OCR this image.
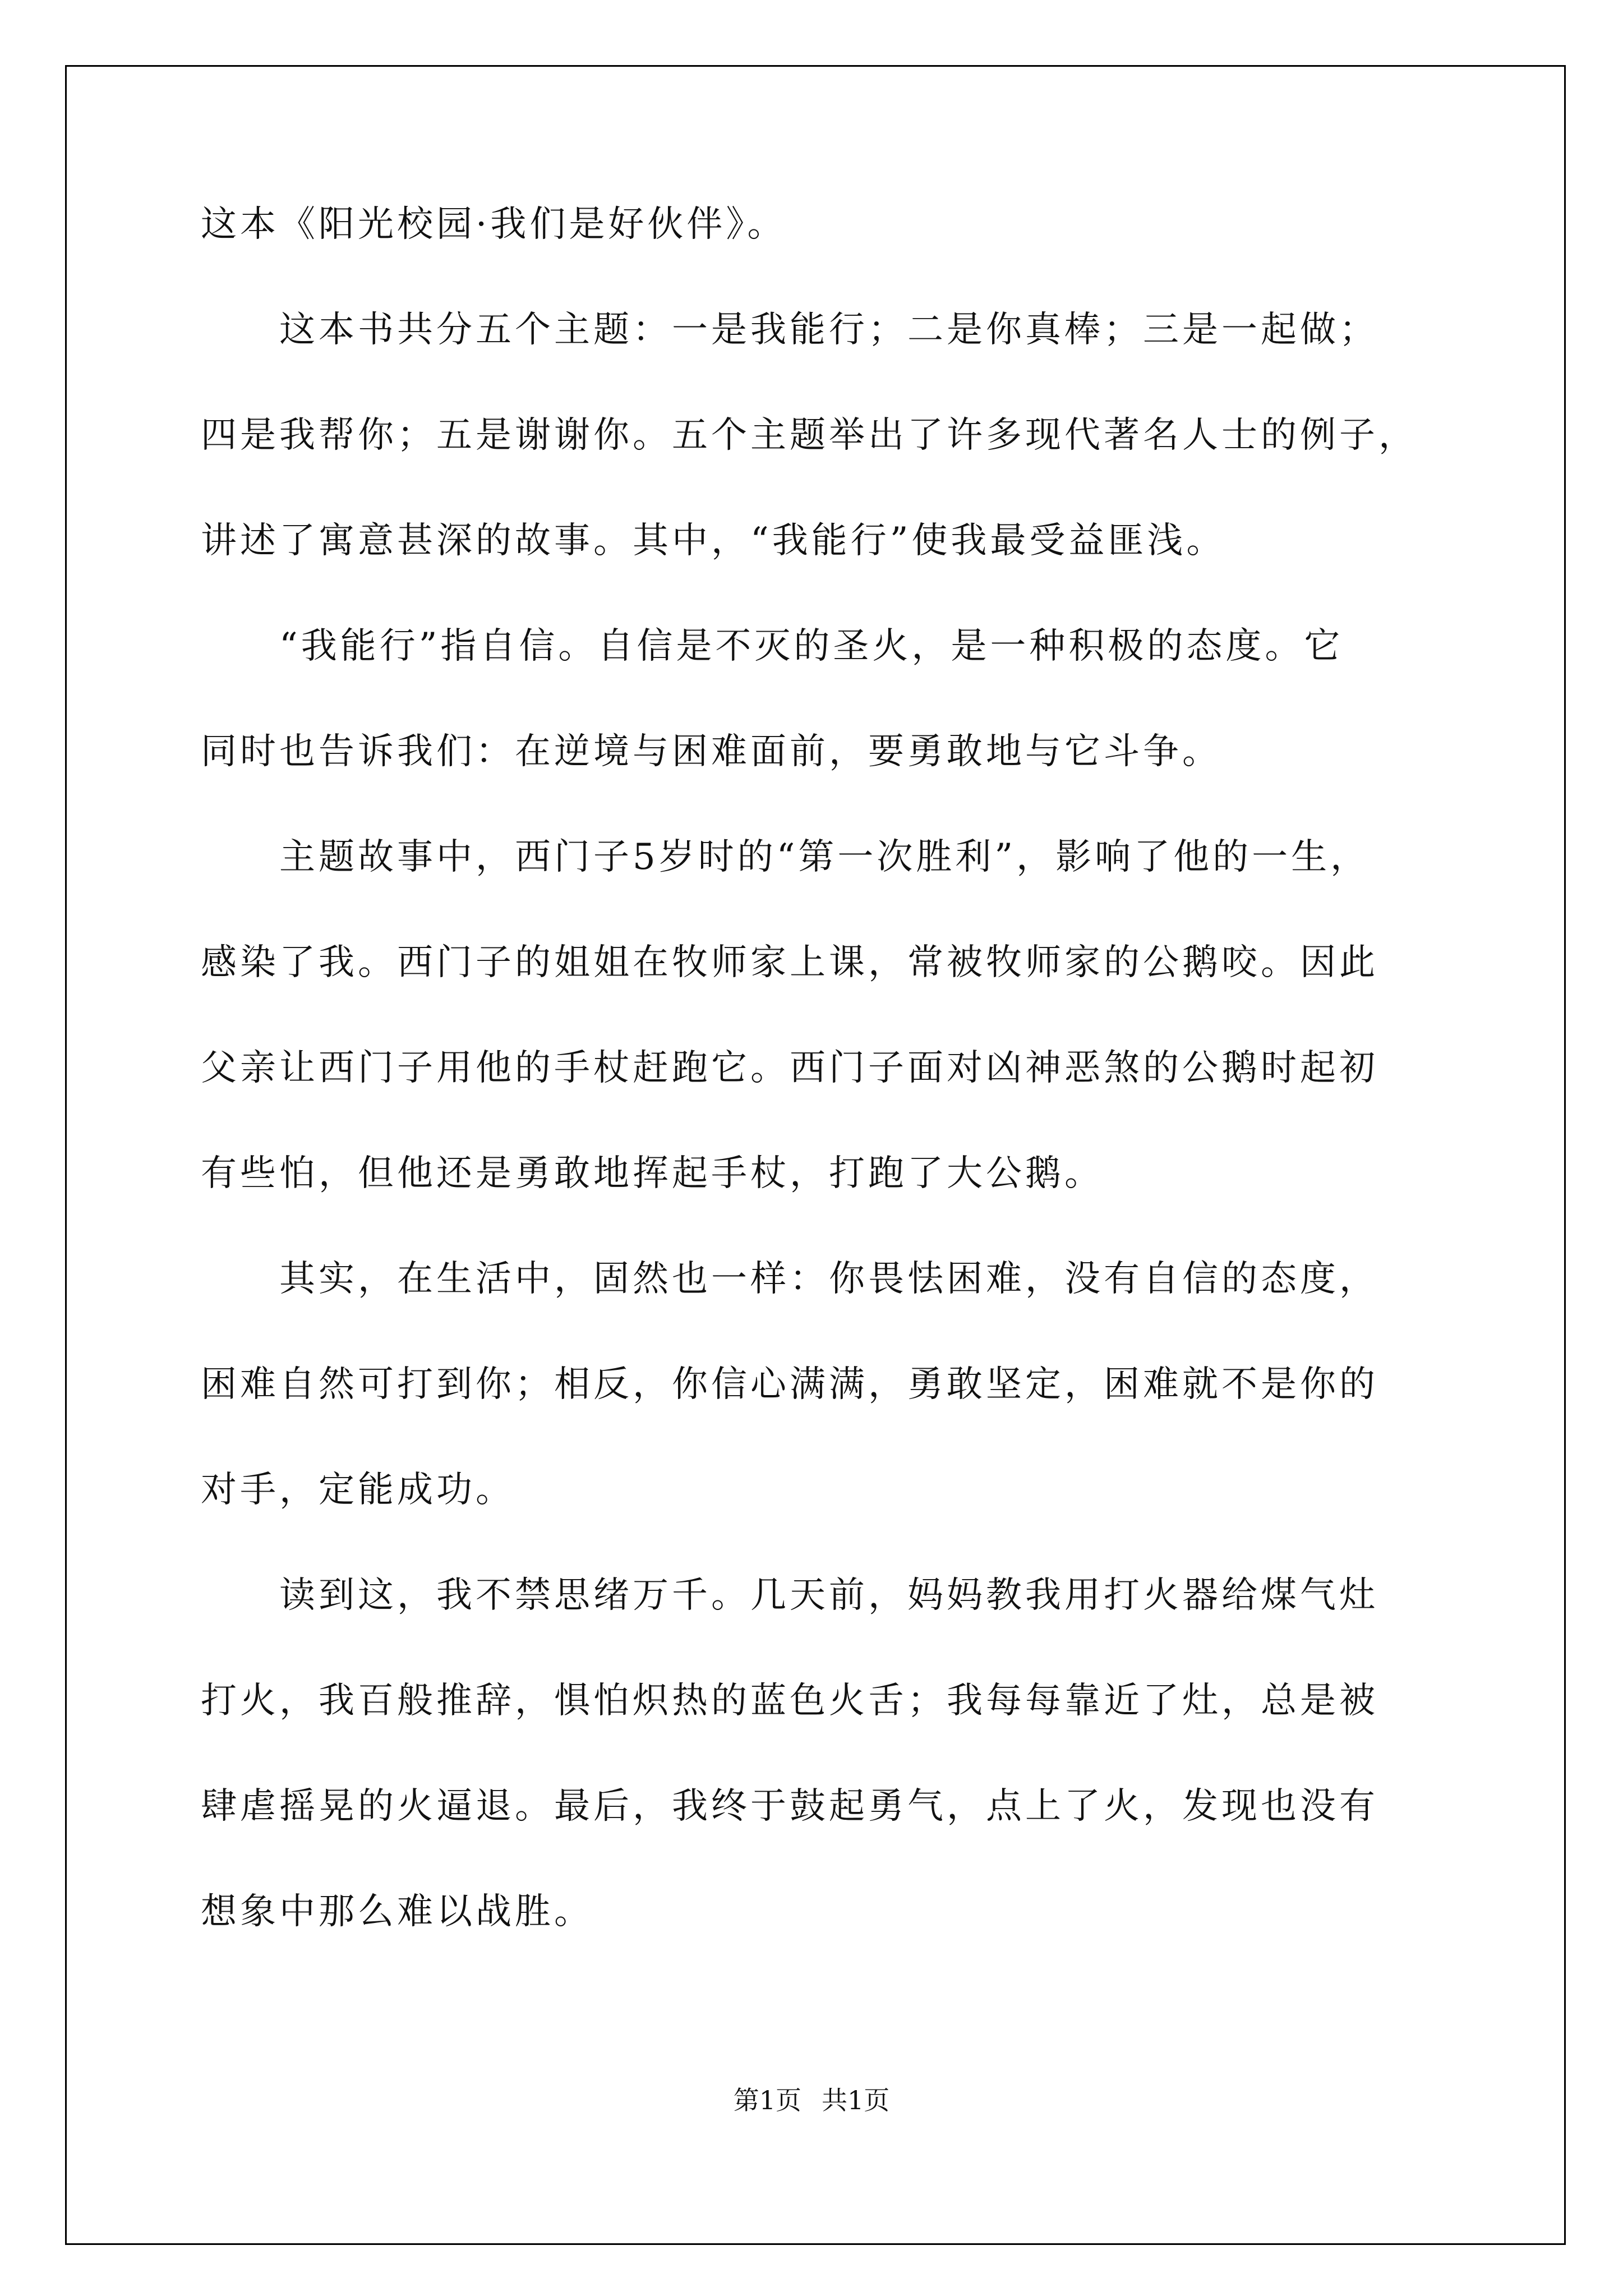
这本《阳光校园·我们是好伙伴》。
　　这本书共分五个主题：一是我能行；二是你真棒；三是一起做；
四是我帮你；五是谢谢你。五个主题举出了许多现代著名人士的例子，
讲述了寓意甚深的故事。其中，“我能行”使我最受益匪浅。
　　“我能行”指自信。自信是不灭的圣火，是一种积极的态度。它
同时也告诉我们：在逆境与困难面前，要勇敢地与它斗争。
　　主题故事中，西门子5岁时的“第一次胜利”，影响了他的一生，
感染了我。西门子的姐姐在牧师家上课，常被牧师家的公鹅咬。因此
父亲让西门子用他的手杖赶跑它。西门子面对凶神恶煞的公鹅时起初
有些怕，但他还是勇敢地挥起手杖，打跑了大公鹅。
　　其实，在生活中，固然也一样：你畏怯困难，没有自信的态度，
困难自然可打到你；相反，你信心满满，勇敢坚定，困难就不是你的
对手，定能成功。
　　读到这，我不禁思绪万千。几天前，妈妈教我用打火器给煤气灶
打火，我百般推辞，惧怕炽热的蓝色火舌；我每每靠近了灶，总是被
肆虐摇晃的火逼退。最后，我终于鼓起勇气，点上了火，发现也没有
想象中那么难以战胜。
第1页 共1页
